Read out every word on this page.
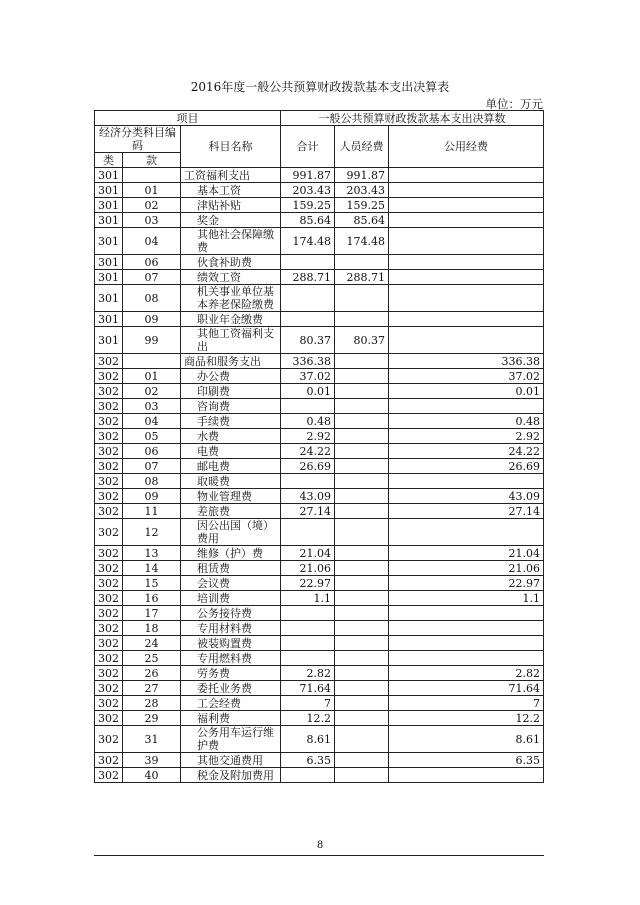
2016年度一般公共预算财政拨款基本支出决算表
单位：万元
项目			一般公共预算财政拨款基本支出决算数		
经济分类科目编码		科目名称	合计	人员经费	公用经费
类	款				
301		工资福利支出	991.87	991.87	
301	01	基本工资	203.43	203.43	
301	02	津贴补贴	159.25	159.25	
301	03	奖金	85.64	85.64	
301	04	其他社会保障缴费	174.48	174.48	
301	06	伙食补助费			
301	07	绩效工资	288.71	288.71	
301	08	机关事业单位基本养老保险缴费			
301	09	职业年金缴费			
301	99	其他工资福利支出	80.37	80.37	
302		商品和服务支出	336.38		336.38
302	01	办公费	37.02		37.02
302	02	印刷费	0.01		0.01
302	03	咨询费			
302	04	手续费	0.48		0.48
302	05	水费	2.92		2.92
302	06	电费	24.22		24.22
302	07	邮电费	26.69		26.69
302	08	取暖费			
302	09	物业管理费	43.09		43.09
302	11	差旅费	27.14		27.14
302	12	因公出国（境）费用			
302	13	维修（护）费	21.04		21.04
302	14	租赁费	21.06		21.06
302	15	会议费	22.97		22.97
302	16	培训费	1.1		1.1
302	17	公务接待费			
302	18	专用材料费			
302	24	被装购置费			
302	25	专用燃料费			
302	26	劳务费	2.82		2.82
302	27	委托业务费	71.64		71.64
302	28	工会经费	7		7
302	29	福利费	12.2		12.2
302	31	公务用车运行维护费	8.61		8.61
302	39	其他交通费用	6.35		6.35
302	40	税金及附加费用			
8
